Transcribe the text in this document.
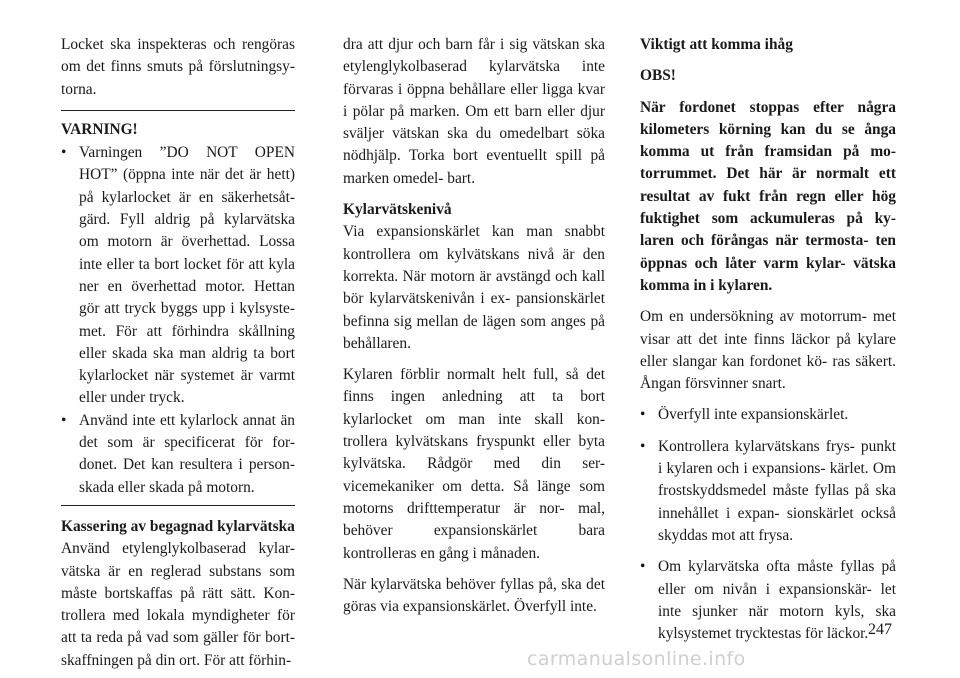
Locket ska inspekteras och rengöras om det finns smuts på förslutningsy- torna.

VARNING!
• Varningen ”DO NOT OPEN HOT” (öppna inte när det är hett) på kylarlocket är en säkerhetsåt- gärd. Fyll aldrig på kylarvätska om motorn är överhettad. Lossa inte eller ta bort locket för att kyla ner en överhettad motor. Hettan gör att tryck byggs upp i kylsyste- met. För att förhindra skållning eller skada ska man aldrig ta bort kylarlocket när systemet är varmt eller under tryck.
• Använd inte ett kylarlock annat än det som är specificerat för for- donet. Det kan resultera i person- skada eller skada på motorn.
Kassering av begagnad kylarvätska

Använd etylenglykolbaserad kylar- vätska är en reglerad substans som måste bortskaffas på rätt sätt. Kon- trollera med lokala myndigheter för att ta reda på vad som gäller för bort- skaffningen på din ort. För att förhin-

dra att djur och barn får i sig vätskan ska etylenglykolbaserad kylarvätska inte förvaras i öppna behållare eller ligga kvar i pölar på marken. Om ett barn eller djur sväljer vätskan ska du omedelbart söka nödhjälp. Torka bort eventuellt spill på marken omedel- bart.

Kylarvätskenivå

Via expansionskärlet kan man snabbt kontrollera om kylvätskans nivå är den korrekta. När motorn är avstängd och kall bör kylarvätskenivån i ex- pansionskärlet befinna sig mellan de lägen som anges på behållaren.

Kylaren förblir normalt helt full, så det finns ingen anledning att ta bort kylarlocket om man inte skall kon- trollera kylvätskans fryspunkt eller byta kylvätska. Rådgör med din ser- vicemekaniker om detta. Så länge som motorns drifttemperatur är nor- mal, behöver expansionskärlet bara kontrolleras en gång i månaden.

När kylarvätska behöver fyllas på, ska det göras via expansionskärlet. Överfyll inte.

Viktigt att komma ihåg

OBS!

När fordonet stoppas efter några kilometers körning kan du se ånga komma ut från framsidan på mo- torrummet. Det här är normalt ett resultat av fukt från regn eller hög fuktighet som ackumuleras på ky- laren och förångas när termosta- ten öppnas och låter varm kylar- vätska komma in i kylaren.

Om en undersökning av motorrum- met visar att det inte finns läckor på kylare eller slangar kan fordonet kö- ras säkert. Ångan försvinner snart.

• Överfyll inte expansionskärlet.
• Kontrollera kylarvätskans frys- punkt i kylaren och i expansions- kärlet. Om frostskyddsmedel måste fyllas på ska innehållet i expan- sionskärlet också skyddas mot att frysa.
• Om kylarvätska ofta måste fyllas på eller om nivån i expansionskär- let inte sjunker när motorn kyls, ska kylsystemet trycktestas för läckor. 247
carmanualsonline.info
